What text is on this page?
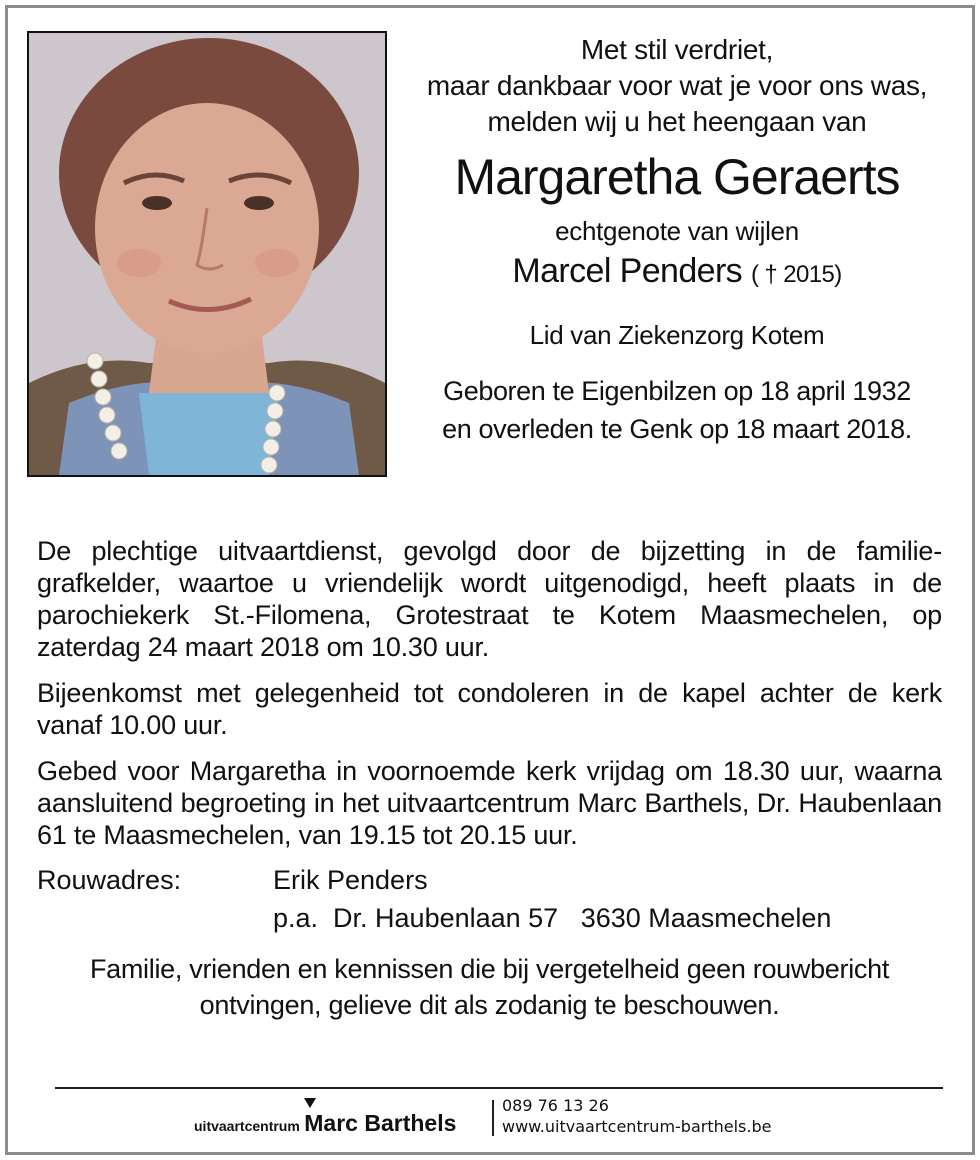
Met stil verdriet,
maar dankbaar voor wat je voor ons was,
melden wij u het heengaan van
Margaretha Geraerts
echtgenote van wijlen
Marcel Penders ( † 2015)
Lid van Ziekenzorg Kotem
Geboren te Eigenbilzen op 18 april 1932
en overleden te Genk op 18 maart 2018.
De plechtige uitvaartdienst, gevolgd door de bijzetting in de familie-grafkelder, waartoe u vriendelijk wordt uitgenodigd, heeft plaats in de parochiekerk St.-Filomena, Grotestraat te Kotem Maasmechelen, op zaterdag 24 maart 2018 om 10.30 uur.
Bijeenkomst met gelegenheid tot condoleren in de kapel achter de kerk vanaf 10.00 uur.
Gebed voor Margaretha in voornoemde kerk vrijdag om 18.30 uur, waarna aansluitend begroeting in het uitvaartcentrum Marc Barthels, Dr. Haubenlaan 61 te Maasmechelen, van 19.15 tot 20.15 uur.
Rouwadres:	Erik Penders
p.a.  Dr. Haubenlaan 57   3630 Maasmechelen
Familie, vrienden en kennissen die bij vergetelheid geen rouwbericht
ontvingen, gelieve dit als zodanig te beschouwen.
uitvaartcentrum Marc Barthels
089 76 13 26
www.uitvaartcentrum-barthels.be
